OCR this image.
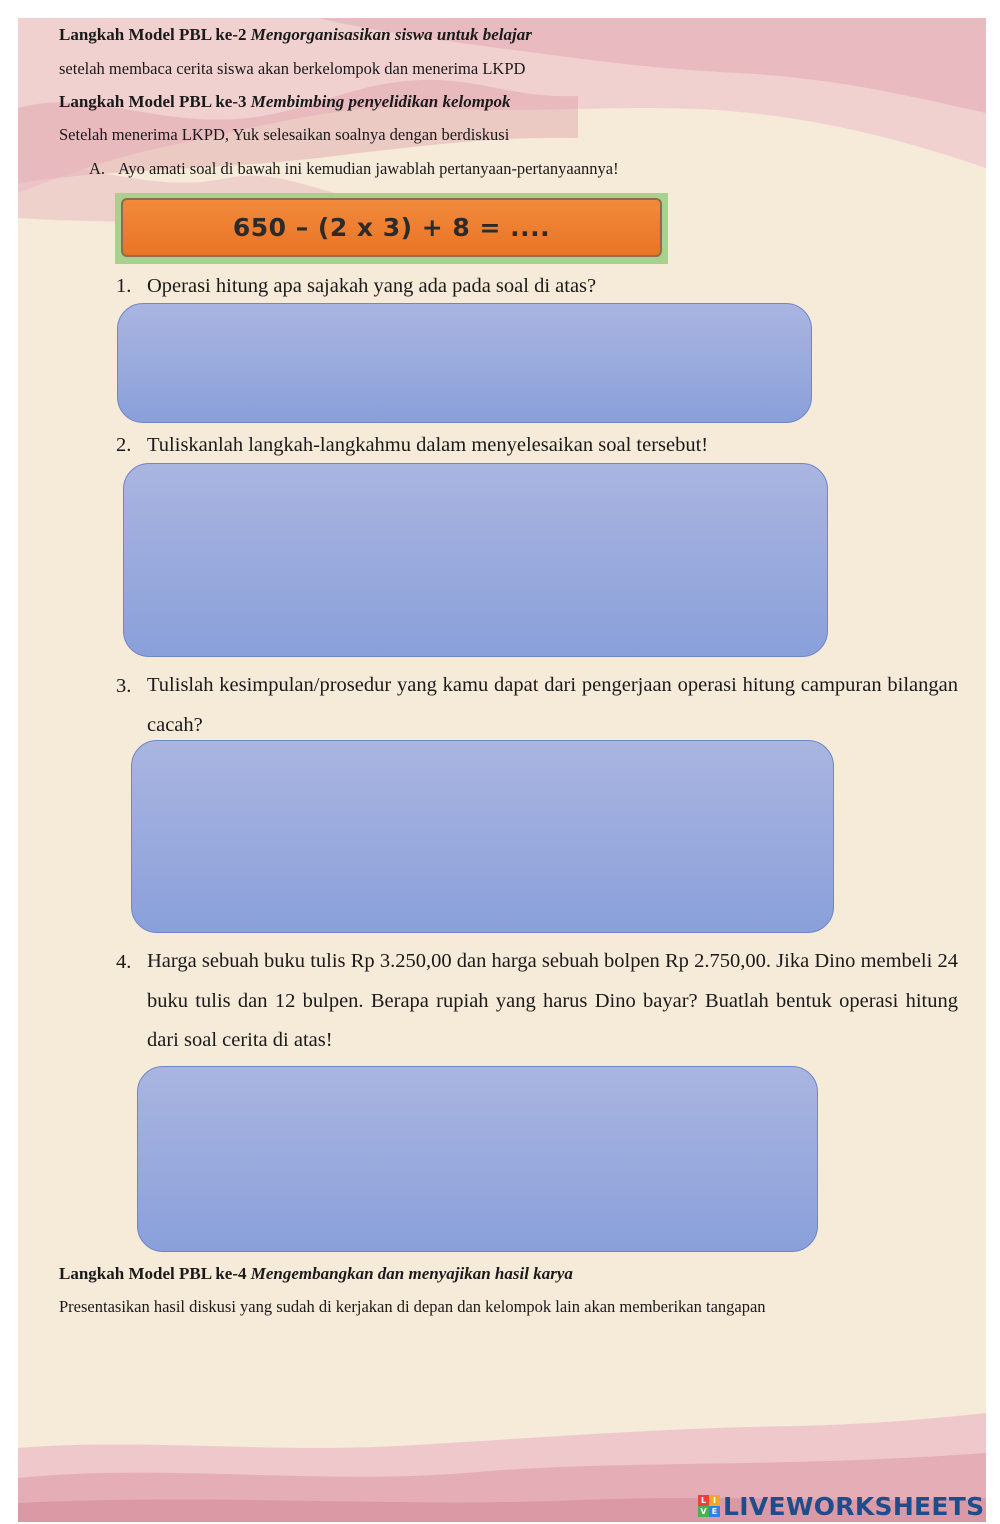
Langkah Model PBL ke-2 Mengorganisasikan siswa untuk belajar
setelah membaca cerita siswa akan berkelompok dan menerima LKPD
Langkah Model PBL ke-3 Membimbing penyelidikan kelompok
Setelah menerima LKPD, Yuk selesaikan soalnya dengan berdiskusi
A. Ayo amati soal di bawah ini kemudian jawablah pertanyaan-pertanyaannya!
650 – (2 x 3) + 8 = ....
1. Operasi hitung apa sajakah yang ada pada soal di atas?
2. Tuliskanlah langkah-langkahmu dalam menyelesaikan soal tersebut!
3. Tulislah kesimpulan/prosedur yang kamu dapat dari pengerjaan operasi hitung campuran bilangan cacah?
4. Harga sebuah buku tulis Rp 3.250,00 dan harga sebuah bolpen Rp 2.750,00. Jika Dino membeli 24 buku tulis dan 12 bulpen. Berapa rupiah yang harus Dino bayar? Buatlah bentuk operasi hitung dari soal cerita di atas!
Langkah Model PBL ke-4 Mengembangkan dan menyajikan hasil karya
Presentasikan hasil diskusi yang sudah di kerjakan di depan dan kelompok lain akan memberikan tangapan
L I
V E LIVEWORKSHEETS
